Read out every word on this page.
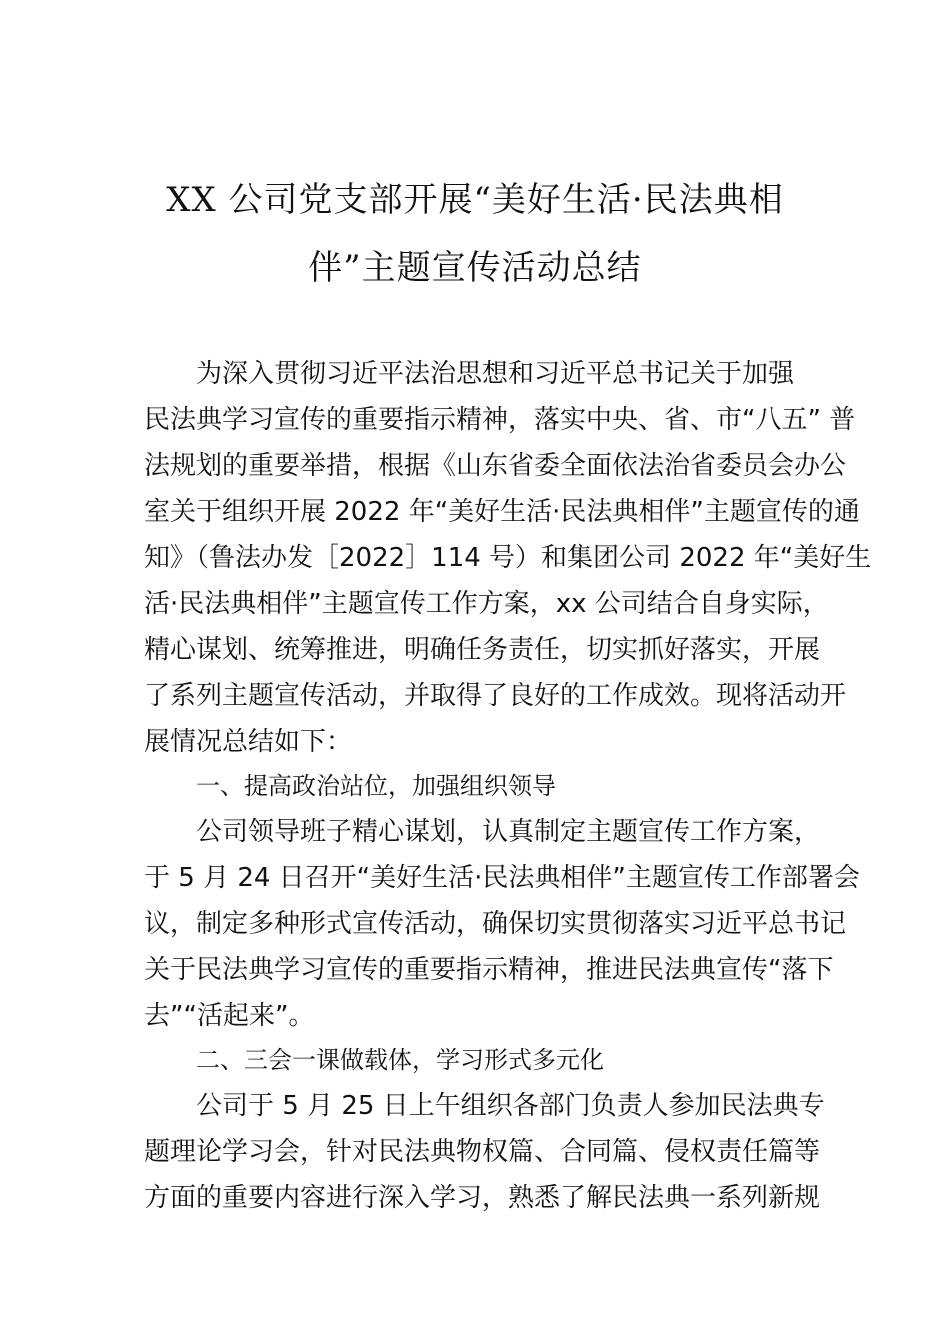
XX 公司党支部开展“美好生活·民法典相
伴”主题宣传活动总结
为深入贯彻习近平法治思想和习近平总书记关于加强
民法典学习宣传的重要指示精神，落实中央、省、市“八五” 普
法规划的重要举措，根据《山东省委全面依法治省委员会办公
室关于组织开展 2022 年“美好生活·民法典相伴”主题宣传的通
知》（鲁法办发［2022］114 号）和集团公司 2022 年“美好生
活·民法典相伴”主题宣传工作方案，xx 公司结合自身实际，
精心谋划、统筹推进，明确任务责任，切实抓好落实，开展
了系列主题宣传活动，并取得了良好的工作成效。现将活动开
展情况总结如下：
一、提高政治站位，加强组织领导
公司领导班子精心谋划，认真制定主题宣传工作方案，
于 5 月 24 日召开“美好生活·民法典相伴”主题宣传工作部署会
议，制定多种形式宣传活动，确保切实贯彻落实习近平总书记
关于民法典学习宣传的重要指示精神，推进民法典宣传“落下
去”“活起来”。
二、三会一课做载体，学习形式多元化
公司于 5 月 25 日上午组织各部门负责人参加民法典专
题理论学习会，针对民法典物权篇、合同篇、侵权责任篇等
方面的重要内容进行深入学习，熟悉了解民法典一系列新规
